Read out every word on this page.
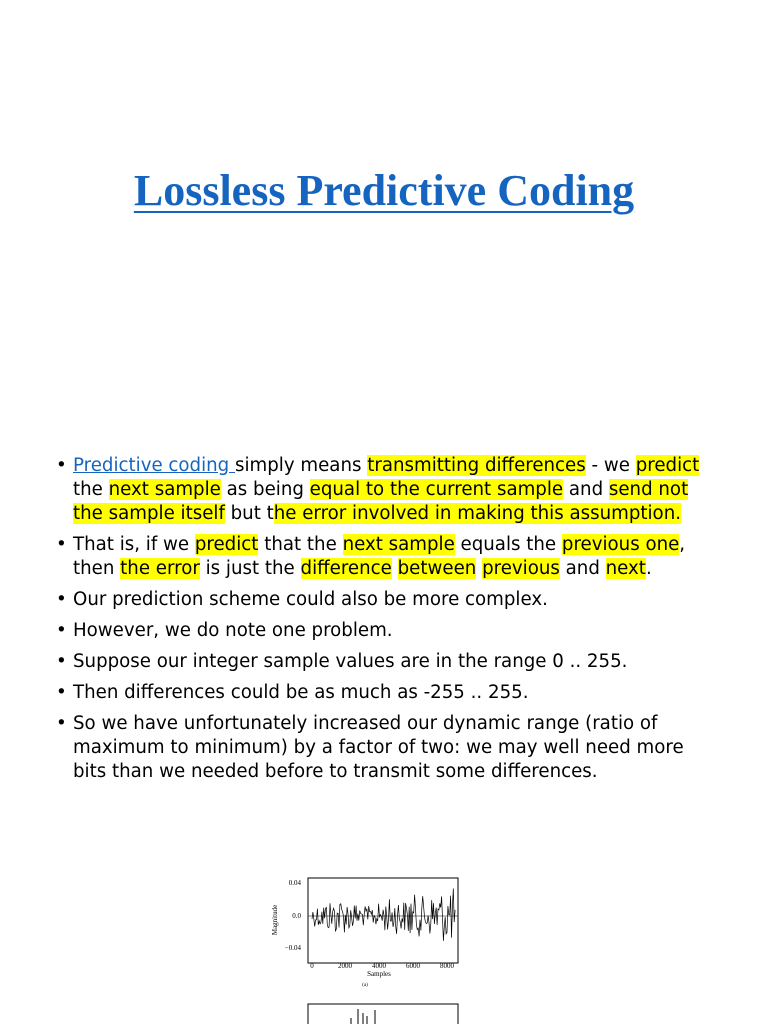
Lossless Predictive Coding
• Predictive coding simply means transmitting differences - we predict the next sample as being equal to the current sample and send not the sample itself but the error involved in making this assumption.
• That is, if we predict that the next sample equals the previous one, then the error is just the difference between previous and next.
• Our prediction scheme could also be more complex.
• However, we do note one problem.
• Suppose our integer sample values are in the range 0 .. 255.
• Then differences could be as much as -255 .. 255.
• So we have unfortunately increased our dynamic range (ratio of maximum to minimum) by a factor of two: we may well need more bits than we needed before to transmit some differences.
Magnitude
0.04
0.0
−0.04
0	2000	4000	6000	8000
Samples
(a)
